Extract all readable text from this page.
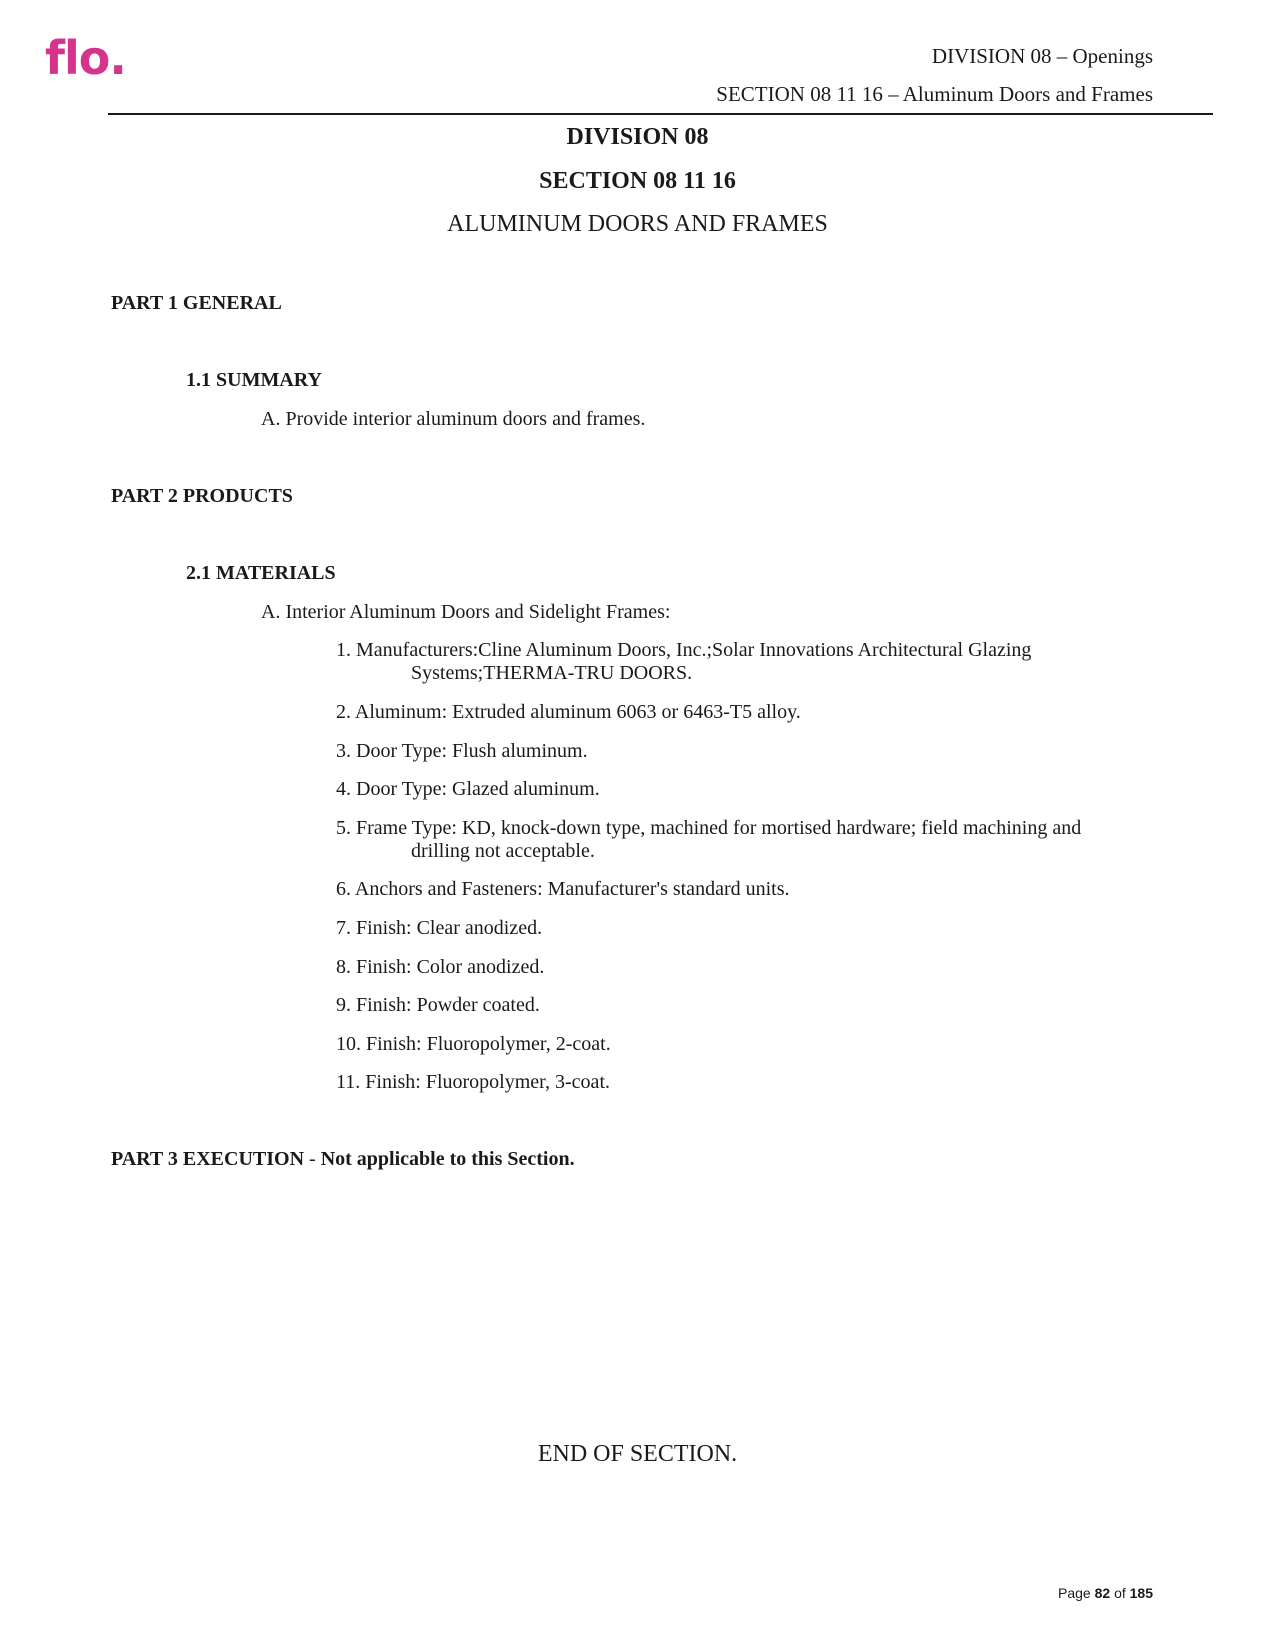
flo.	DIVISION 08 – Openings
SECTION 08 11 16 – Aluminum Doors and Frames
DIVISION 08
SECTION 08 11 16
ALUMINUM DOORS AND FRAMES
PART 1 GENERAL
1.1 SUMMARY
A. Provide interior aluminum doors and frames.
PART 2 PRODUCTS
2.1 MATERIALS
A. Interior Aluminum Doors and Sidelight Frames:
1. Manufacturers:Cline Aluminum Doors, Inc.;Solar Innovations Architectural Glazing
Systems;THERMA-TRU DOORS.
2. Aluminum: Extruded aluminum 6063 or 6463-T5 alloy.
3. Door Type: Flush aluminum.
4. Door Type: Glazed aluminum.
5. Frame Type: KD, knock-down type, machined for mortised hardware; field machining and
drilling not acceptable.
6. Anchors and Fasteners: Manufacturer's standard units.
7. Finish: Clear anodized.
8. Finish: Color anodized.
9. Finish: Powder coated.
10. Finish: Fluoropolymer, 2-coat.
11. Finish: Fluoropolymer, 3-coat.
PART 3 EXECUTION - Not applicable to this Section.
END OF SECTION.
Page 82 of 185
